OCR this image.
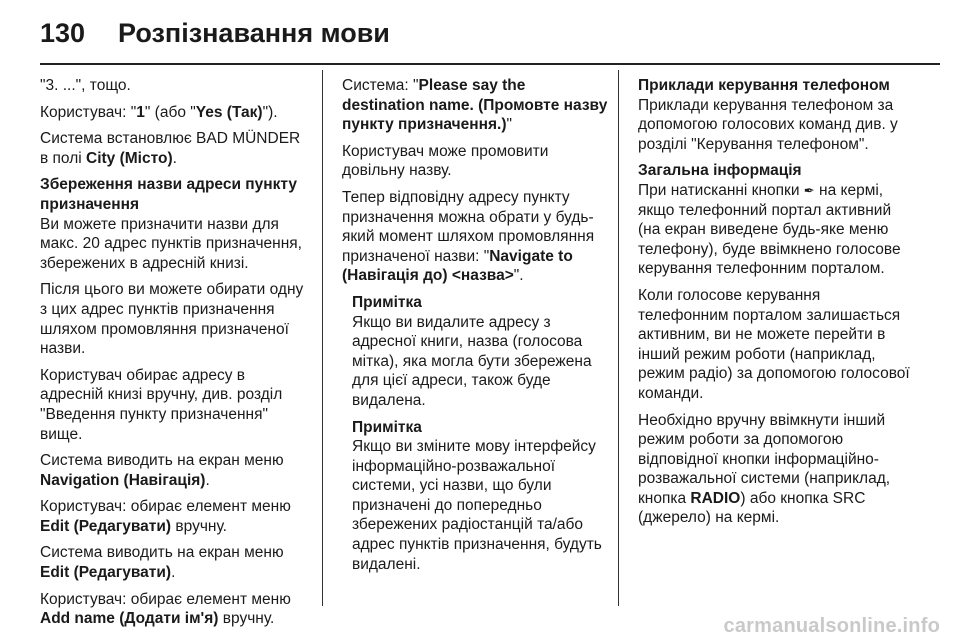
130 Розпізнавання мови

"3. ...", тощо.

Користувач: "1" (або "Yes (Так)").

Система встановлює BAD MÜNDER в полі City (Місто).

Збереження назви адреси пункту призначення

Ви можете призначити назви для макс. 20 адрес пунктів призначення, збережених в адресній книзі.

Після цього ви можете обирати одну з цих адрес пунктів призначення шляхом промовляння призначеної назви.

Користувач обирає адресу в адресній книзі вручну, див. розділ "Введення пункту призначення" вище.

Система виводить на екран меню Navigation (Навігація).

Користувач: обирає елемент меню Edit (Редагувати) вручну.

Система виводить на екран меню Edit (Редагувати).

Користувач: обирає елемент меню Add name (Додати ім'я) вручну.

Система: "Please say the destination name. (Промовте назву пункту призначення.)"

Користувач може промовити довільну назву.

Тепер відповідну адресу пункту призначення можна обрати у будь-який момент шляхом промовляння призначеної назви: "Navigate to (Навігація до) <назва>".

Примітка
Якщо ви видалите адресу з адресної книги, назва (голосова мітка), яка могла бути збережена для цієї адреси, також буде видалена.
Примітка
Якщо ви зміните мову інтерфейсу інформаційно-розважальної системи, усі назви, що були призначені до попередньо збережених радіостанцій та/або адрес пунктів призначення, будуть видалені.
Приклади керування телефоном

Приклади керування телефоном за допомогою голосових команд див. у розділі "Керування телефоном".

Загальна інформація

При натисканні кнопки ✒ на кермі, якщо телефонний портал активний (на екран виведене будь-яке меню телефону), буде ввімкнено голосове керування телефонним порталом.

Коли голосове керування телефонним порталом залишається активним, ви не можете перейти в інший режим роботи (наприклад, режим радіо) за допомогою голосової команди.

Необхідно вручну ввімкнути інший режим роботи за допомогою відповідної кнопки інформаційно-розважальної системи (наприклад, кнопка RADIO) або кнопка SRC (джерело) на кермі.

carmanualsonline.info
